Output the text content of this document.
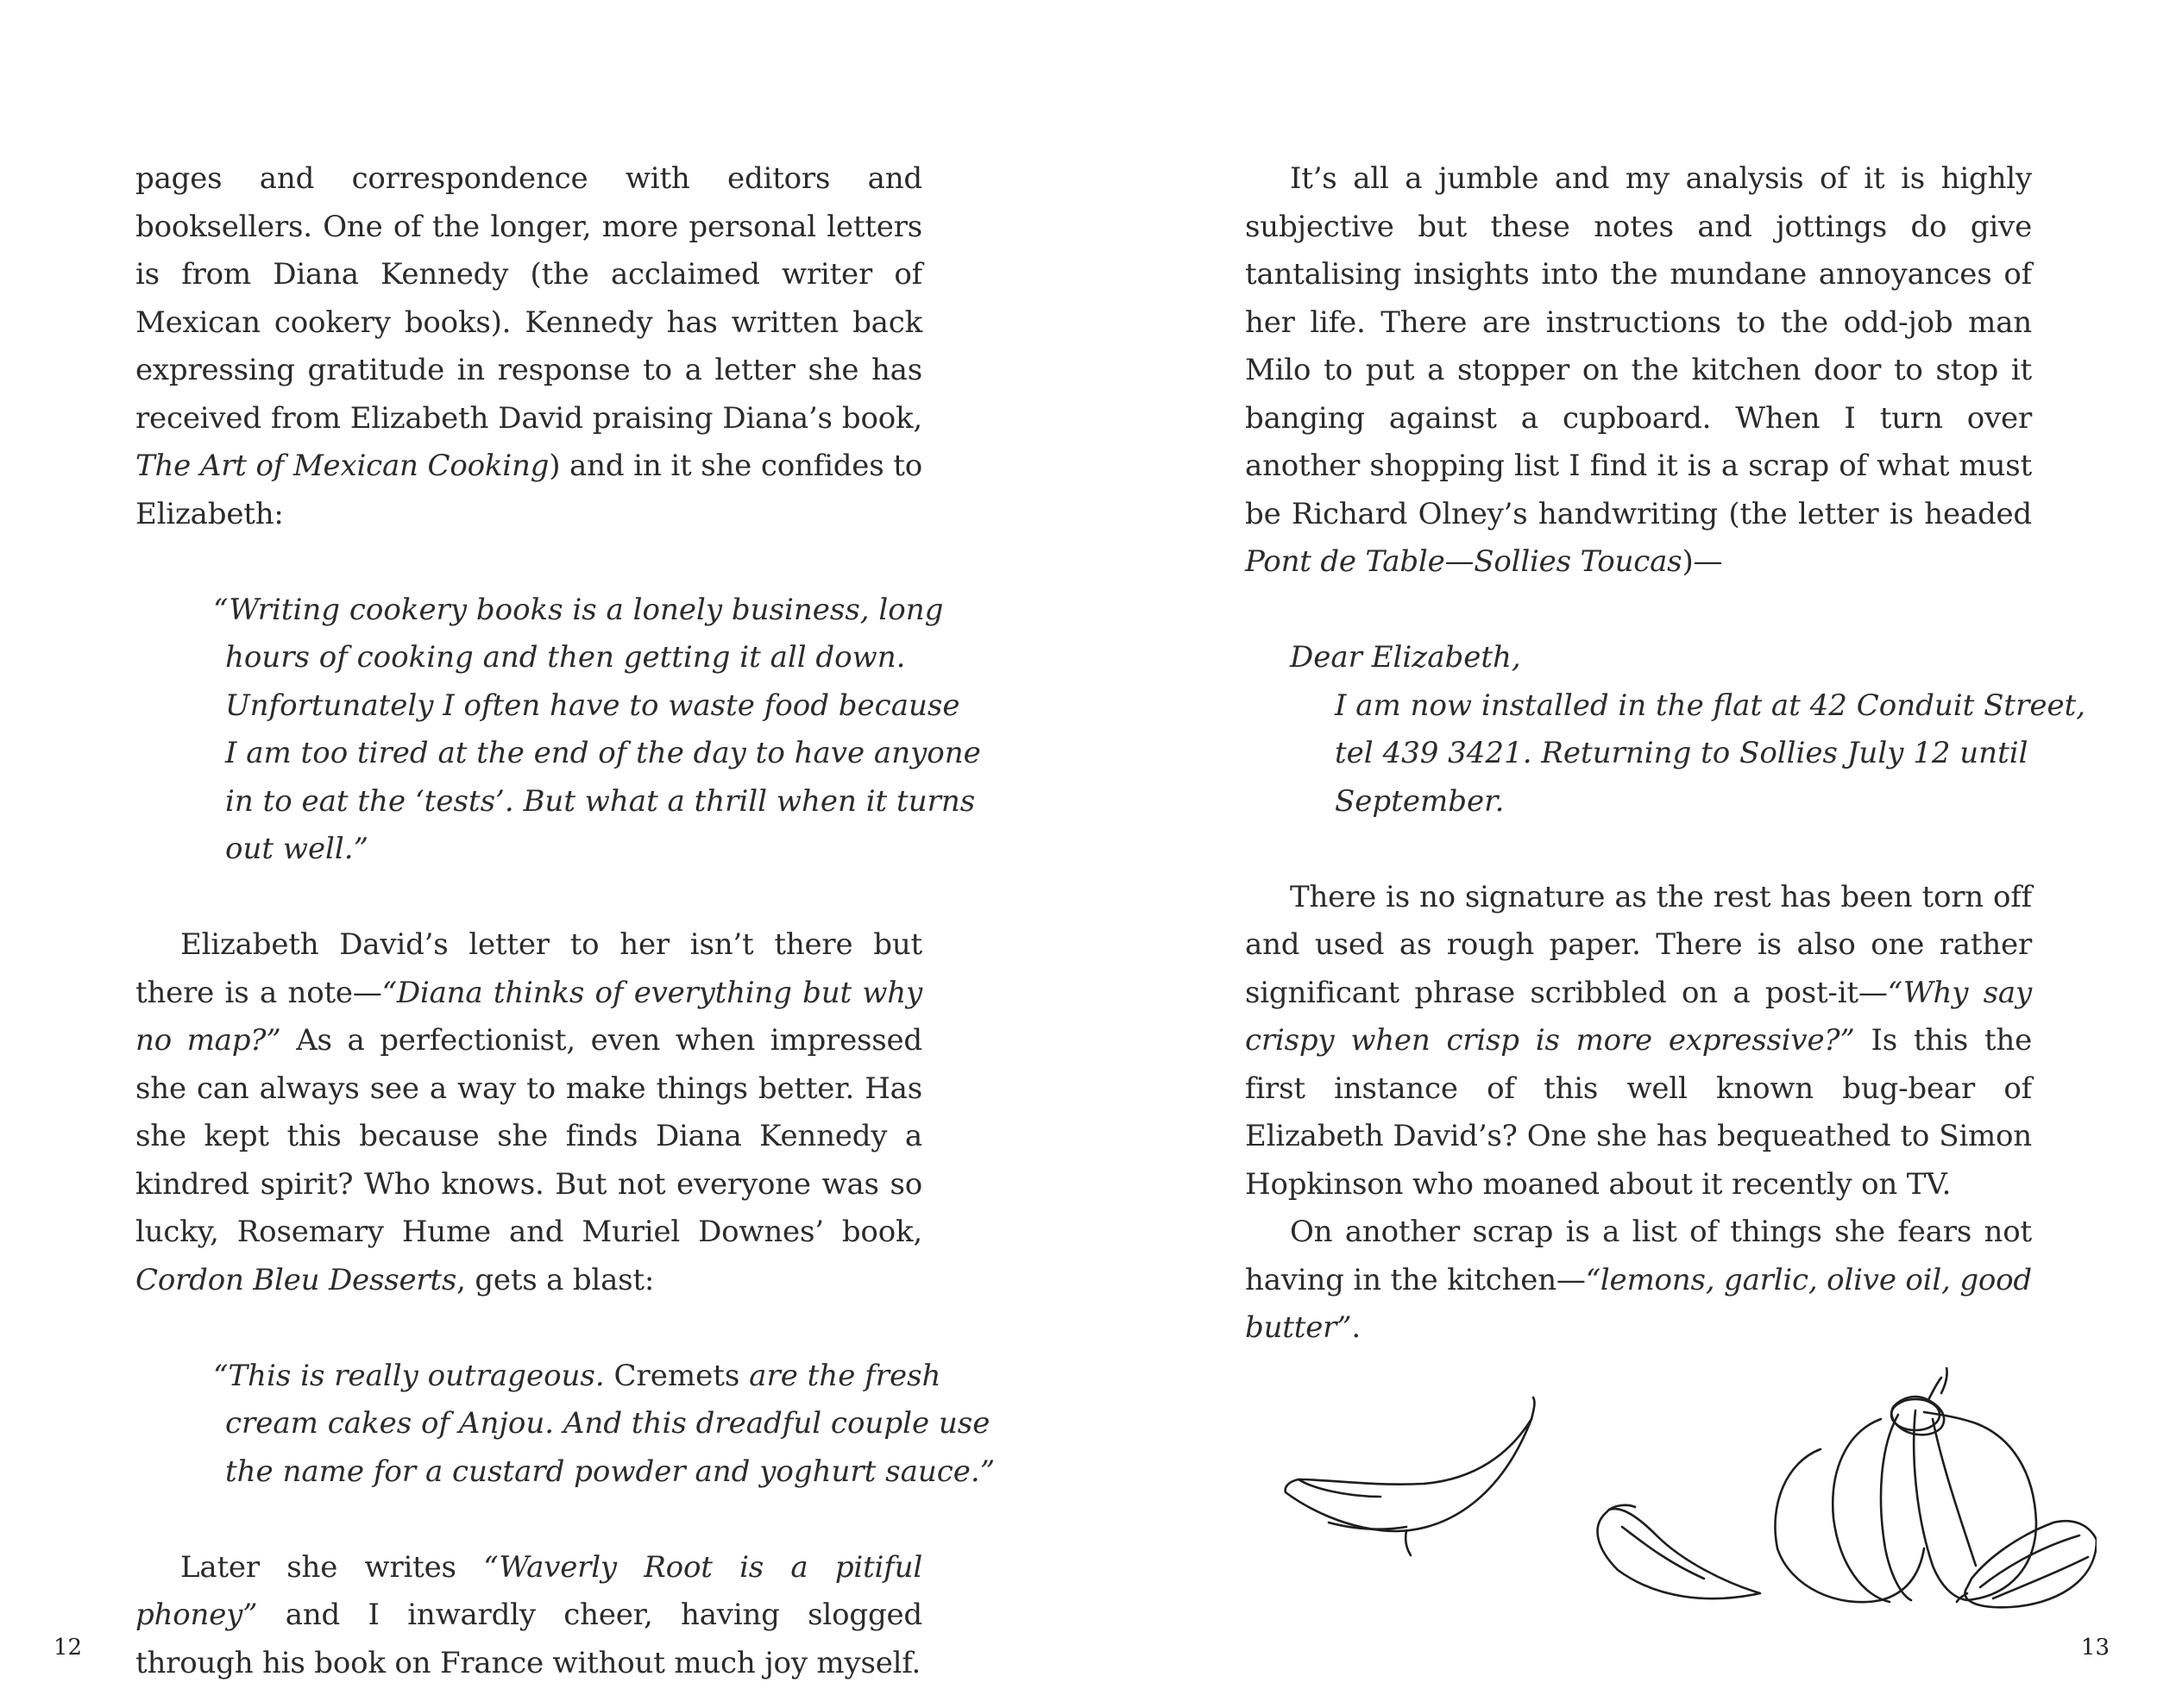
pages and correspondence with editors and booksellers. One of the longer, more personal letters is from Diana Kennedy (the acclaimed writer of Mexican cookery books). Kennedy has written back expressing gratitude in response to a letter she has received from Elizabeth David praising Diana’s book, The Art of Mexican Cooking) and in it she confides to Elizabeth:

“Writing cookery books is a lonely business, long
hours of cooking and then getting it all down.
Unfortunately I often have to waste food because
I am too tired at the end of the day to have anyone
in to eat the ‘tests’. But what a thrill when it turns
out well.”

Elizabeth David’s letter to her isn’t there but there is a note—“Diana thinks of everything but why no map?” As a perfectionist, even when impressed she can always see a way to make things better. Has she kept this because she finds Diana Kennedy a kindred spirit? Who knows. But not everyone was so lucky, Rosemary Hume and Muriel Downes’ book, Cordon Bleu Desserts, gets a blast:

“This is really outrageous. Cremets are the fresh
cream cakes of Anjou. And this dreadful couple use
the name for a custard powder and yoghurt sauce.”

Later she writes “Waverly Root is a pitiful phoney” and I inwardly cheer, having slogged through his book on France without much joy myself.

12

It’s all a jumble and my analysis of it is highly subjective but these notes and jottings do give tantalising insights into the mundane annoyances of her life. There are instructions to the odd-job man Milo to put a stopper on the kitchen door to stop it banging against a cupboard. When I turn over another shopping list I find it is a scrap of what must be Richard Olney’s handwriting (the letter is headed Pont de Table—Sollies Toucas)—

Dear Elizabeth,
I am now installed in the flat at 42 Conduit Street,
tel 439 3421. Returning to Sollies July 12 until
September.

There is no signature as the rest has been torn off and used as rough paper. There is also one rather significant phrase scribbled on a post-it—“Why say crispy when crisp is more expressive?” Is this the first instance of this well known bug-bear of Elizabeth David’s? One she has bequeathed to Simon Hopkinson who moaned about it recently on TV.

On another scrap is a list of things she fears not having in the kitchen—“lemons, garlic, olive oil, good butter”.

13
